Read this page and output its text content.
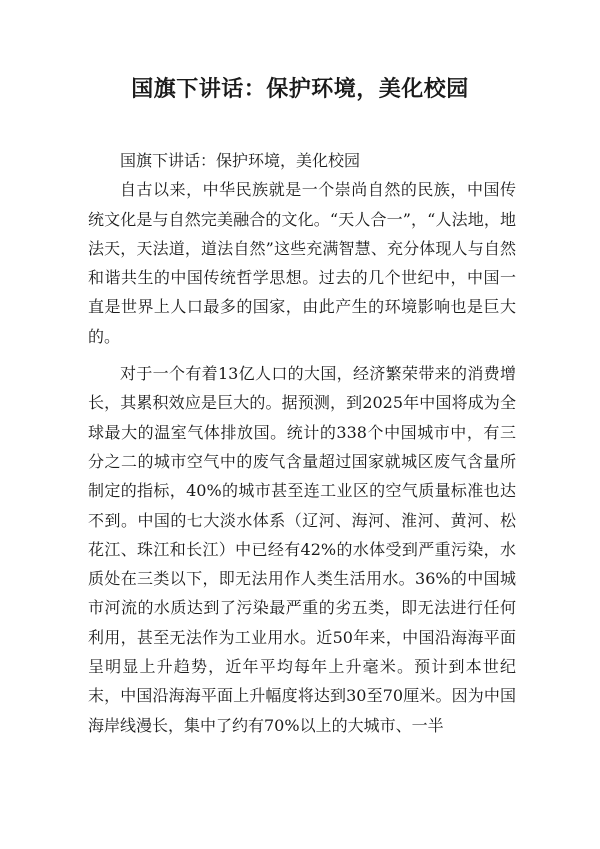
国旗下讲话：保护环境，美化校园

国旗下讲话：保护环境，美化校园

自古以来，中华民族就是一个崇尚自然的民族，中国传统文化是与自然完美融合的文化。“天人合一”，“人法地，地法天，天法道，道法自然”这些充满智慧、充分体现人与自然和谐共生的中国传统哲学思想。过去的几个世纪中，中国一直是世界上人口最多的国家，由此产生的环境影响也是巨大的。

对于一个有着13亿人口的大国，经济繁荣带来的消费增长，其累积效应是巨大的。据预测，到2025年中国将成为全球最大的温室气体排放国。统计的338个中国城市中，有三分之二的城市空气中的废气含量超过国家就城区废气含量所制定的指标，40%的城市甚至连工业区的空气质量标准也达不到。中国的七大淡水体系（辽河、海河、淮河、黄河、松花江、珠江和长江）中已经有42%的水体受到严重污染，水质处在三类以下，即无法用作人类生活用水。36%的中国城市河流的水质达到了污染最严重的劣五类，即无法进行任何利用，甚至无法作为工业用水。近50年来，中国沿海海平面呈明显上升趋势，近年平均每年上升毫米。预计到本世纪末，中国沿海海平面上升幅度将达到30至70厘米。因为中国海岸线漫长，集中了约有70%以上的大城市、一半
